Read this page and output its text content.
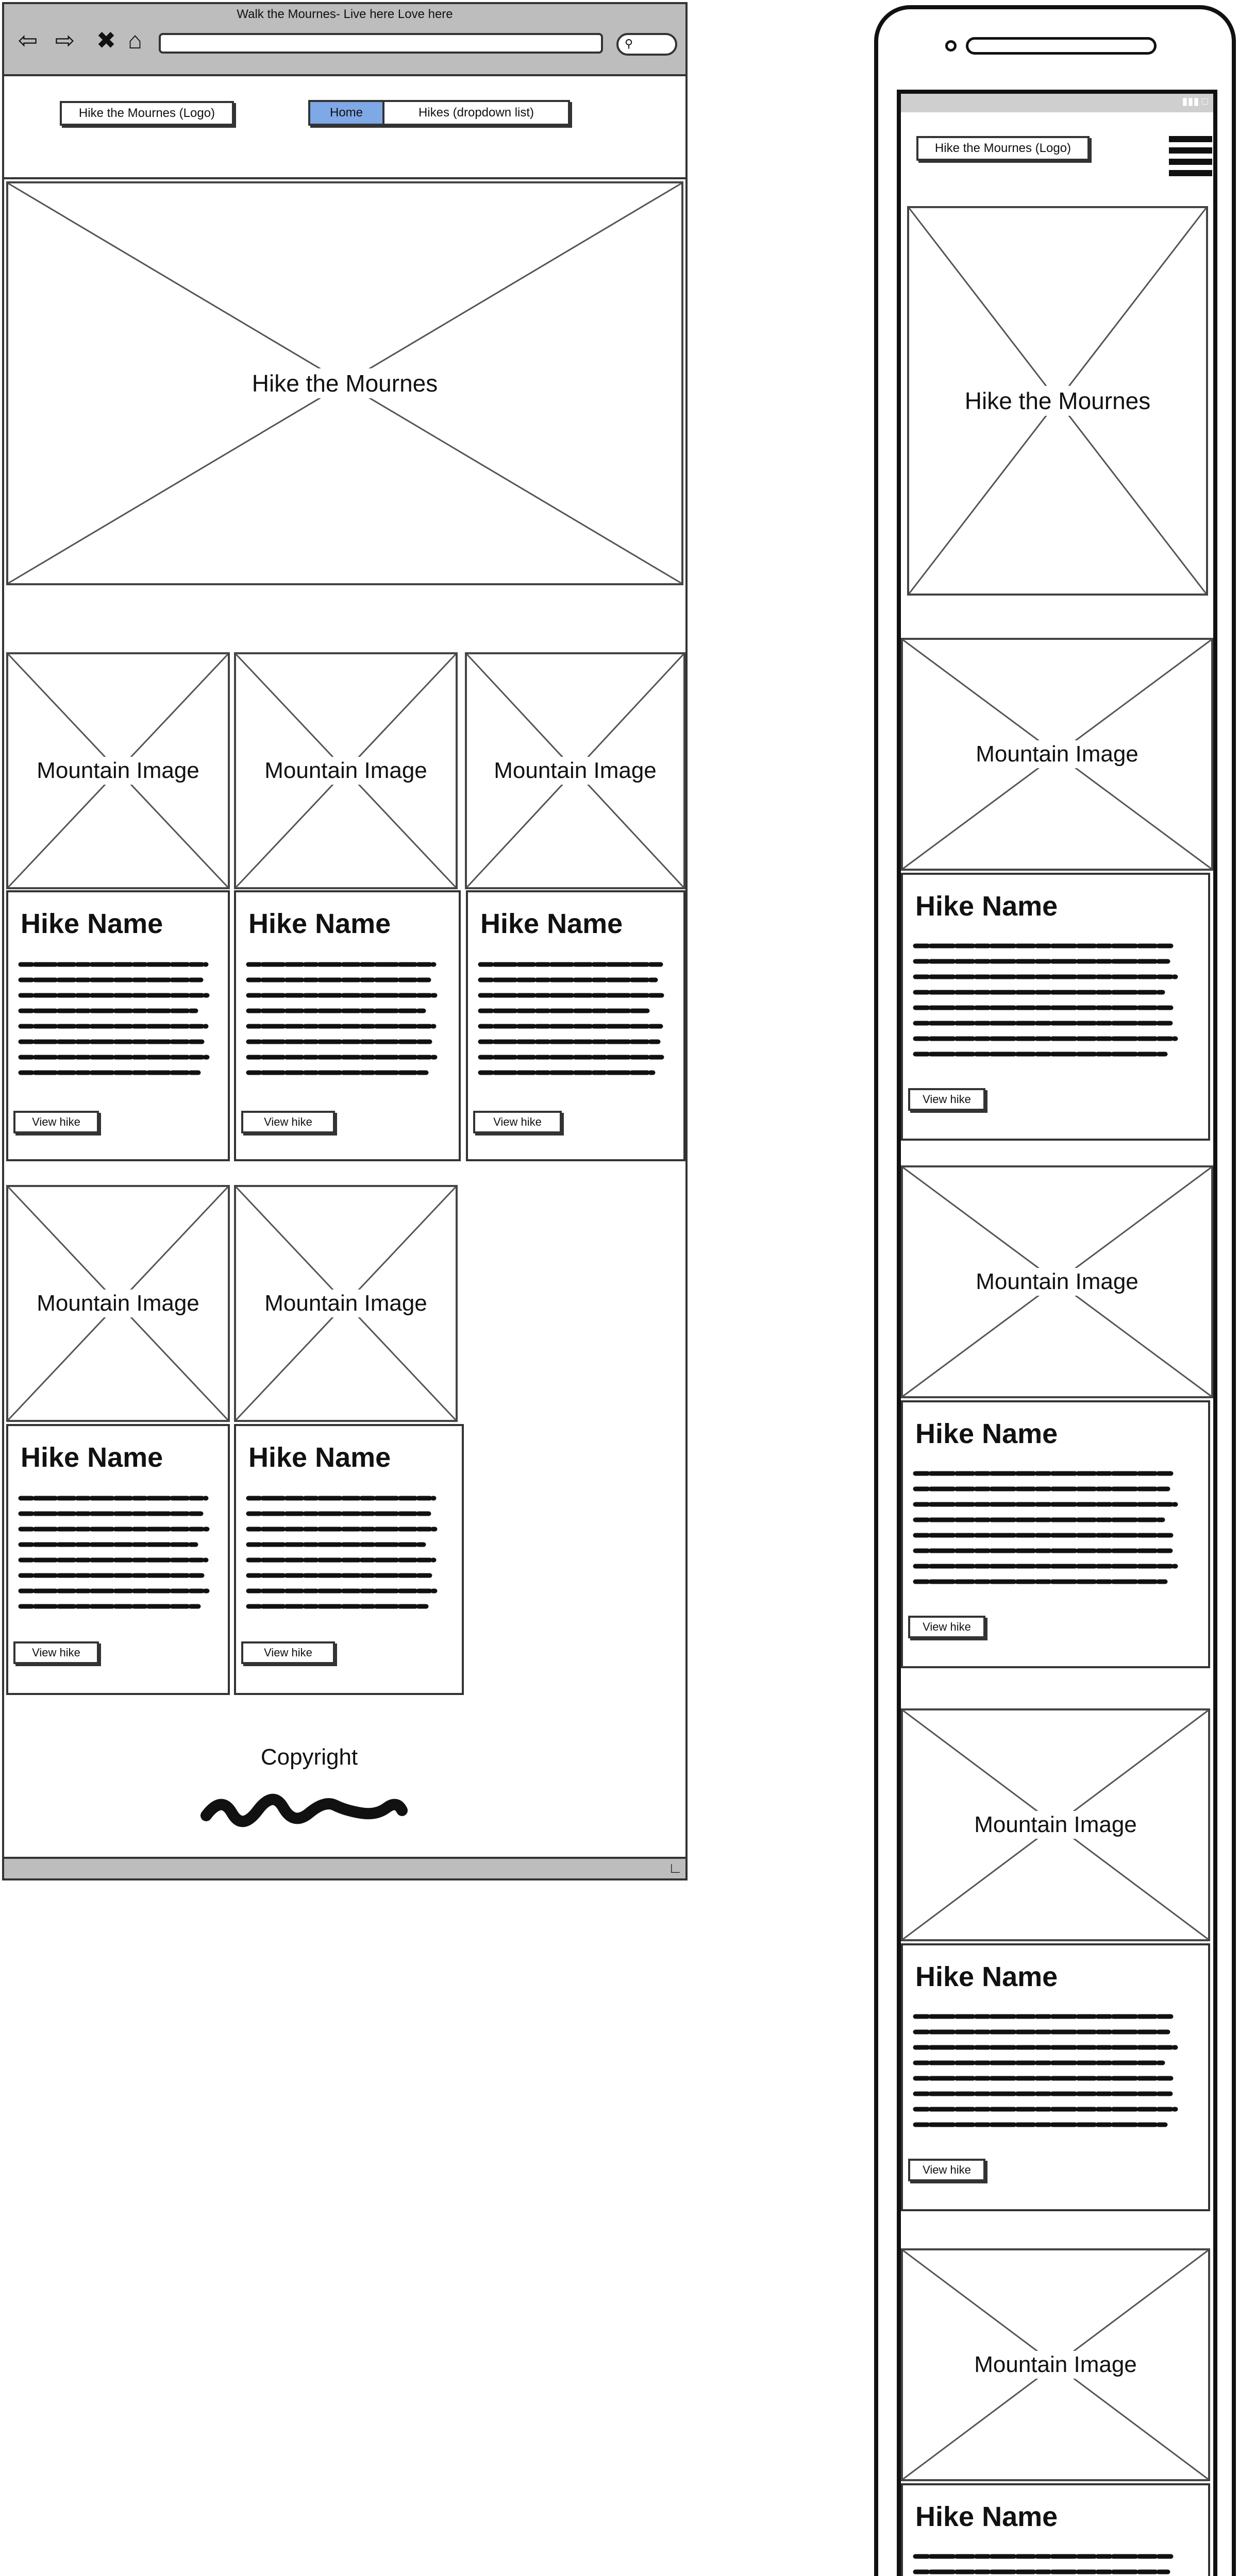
Walk the Mournes- Live here Love here
⇦ ⇨ ✖ ⌂	⚲
Hike the Mournes (Logo)	Home	Hikes (dropdown list)
Hike the Mournes
Mountain Image	Mountain Image	Mountain Image
Hike Name
View hike
Hike Name
View hike
Hike Name
View hike
Mountain Image	Mountain Image
Hike Name
View hike
Hike Name
View hike
Copyright
∟
▮▮▮ □
Hike the Mournes (Logo)
Hike the Mournes
Mountain Image
Hike Name
View hike
Mountain Image
Hike Name
View hike
Mountain Image
Hike Name
View hike
Mountain Image
Hike Name
